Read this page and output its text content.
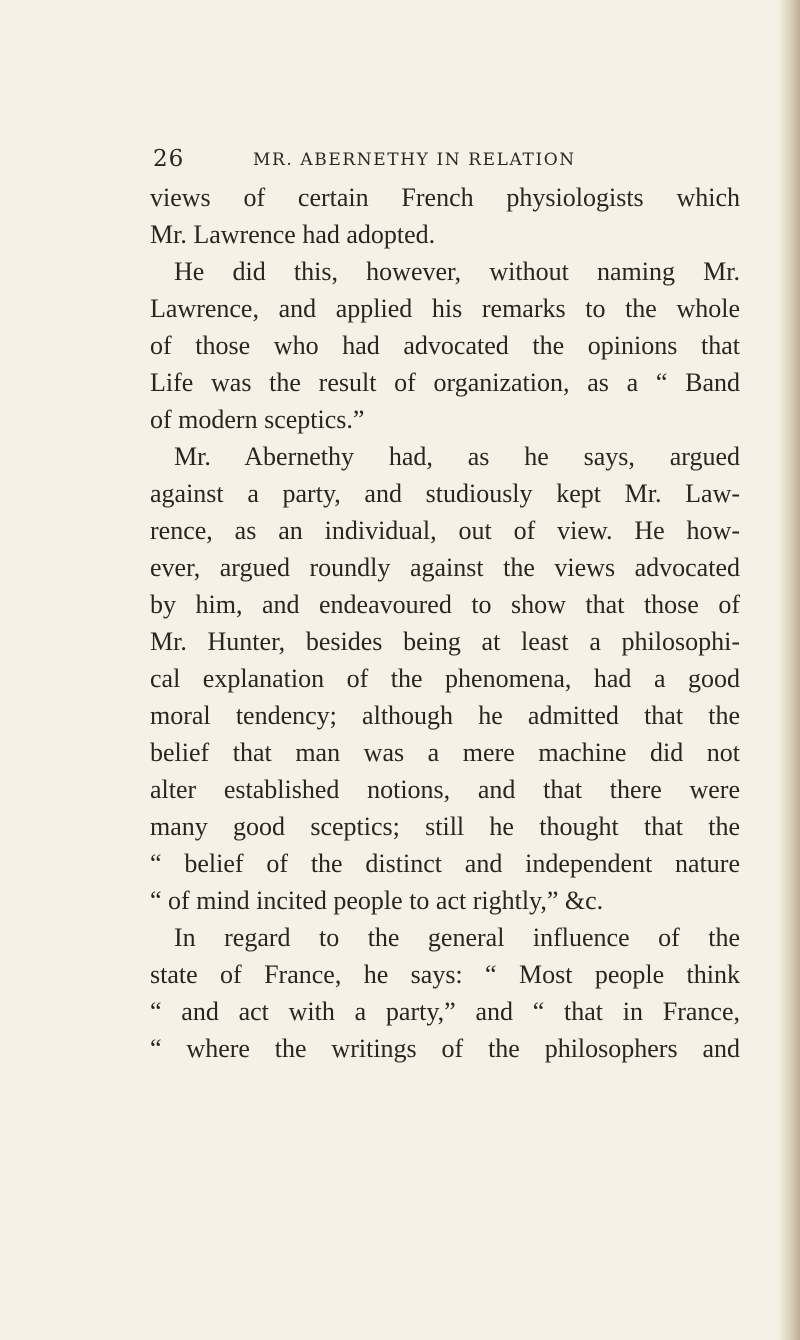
26	MR. ABERNETHY IN RELATION
views of certain French physiologists which
Mr. Lawrence had adopted.
He did this, however, without naming Mr.
Lawrence, and applied his remarks to the whole
of those who had advocated the opinions that
Life was the result of organization, as a “ Band
of modern sceptics.”
Mr. Abernethy had, as he says, argued
against a party, and studiously kept Mr. Law-
rence, as an individual, out of view. He how-
ever, argued roundly against the views advocated
by him, and endeavoured to show that those of
Mr. Hunter, besides being at least a philosophi-
cal explanation of the phenomena, had a good
moral tendency; although he admitted that the
belief that man was a mere machine did not
alter established notions, and that there were
many good sceptics; still he thought that the
“ belief of the distinct and independent nature
“ of mind incited people to act rightly,” &c.
In regard to the general influence of the
state of France, he says: “ Most people think
“ and act with a party,” and “ that in France,
“ where the writings of the philosophers and
